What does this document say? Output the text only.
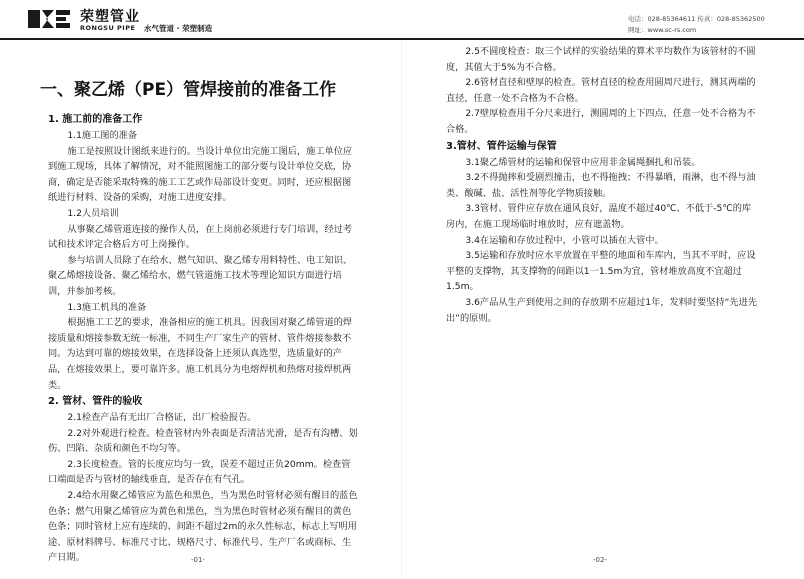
荣塑管业
RONGSU PIPE 水气管道 · 荣塑制造
电话：028-85364611 传真：028-85362500
网址：www.sc-rs.com
一、聚乙烯（PE）管焊接前的准备工作
1. 施工前的准备工作

1.1施工图的准备

施工是按照设计图纸来进行的。当设计单位出完施工图后，施工单位应到施工现场，具体了解情况，对不能照图施工的部分要与设计单位交底，协商，确定是否能采取特殊的施工工艺或作局部设计变更。同时，还应根据图纸进行材料、设备的采购，对施工进度安排。

1.2人员培训

从事聚乙烯管道连接的操作人员，在上岗前必须进行专门培训，经过考试和技术评定合格后方可上岗操作。

参与培训人员除了在给水、燃气知识、聚乙烯专用料特性、电工知识、聚乙烯熔接设备、聚乙烯给水、燃气管道施工技术等理论知识方面进行培训，并参加考核。

1.3施工机具的准备

根据施工工艺的要求，准备相应的施工机具。因我国对聚乙烯管道的焊接质量和熔接参数无统一标准，不同生产厂家生产的管材、管件熔接参数不同。为达到可靠的熔接效果，在选择设备上还须认真选型，选质量好的产品，在熔接效果上，要可靠许多。施工机具分为电熔焊机和热熔对接焊机两类。

2. 管材、管件的验收

2.1检查产品有无出厂合格证，出厂检验报告。

2.2对外观进行检查。检查管材内外表面是否清洁光滑，是否有沟槽、划伤、凹陷、杂质和颜色不均匀等。

2.3长度检查。管的长度应均匀一致，误差不超过正负20mm。检查管口端面是否与管材的轴线垂直，是否存在有气孔。

2.4给水用聚乙烯管应为蓝色和黑色，当为黑色时管材必须有醒目的蓝色色条；燃气用聚乙烯管应为黄色和黑色，当为黑色时管材必须有醒目的黄色色条；同时管材上应有连续的、间距不超过2m的永久性标志，标志上写明用途、原材料牌号、标准尺寸比、规格尺寸、标准代号、生产厂名或商标、生产日期。

2.5不圆度检查：取三个试样的实验结果的算术平均数作为该管材的不圆度，其值大于5%为不合格。

2.6管材直径和壁厚的检查。管材直径的检查用圆周尺进行，测其两端的直径，任意一处不合格为不合格。

2.7壁厚检查用千分尺来进行，测圆周的上下四点，任意一处不合格为不合格。

3.管材、管件运输与保管

3.1聚乙烯管材的运输和保管中应用非金属绳捆扎和吊装。

3.2不得抛摔和受剧烈撞击，也不得拖拽；不得暴晒，雨淋，也不得与油类、酸碱、盐、活性剂等化学物质接触。

3.3管材、管件应存放在通风良好，温度不超过40℃、不低于-5℃的库房内，在施工现场临时堆放时，应有遮盖物。

3.4在运输和存放过程中，小管可以插在大管中。

3.5运输和存放时应水平放置在平整的地面和车库内，当其不平时，应设平整的支撑物，其支撑物的间距以1一1.5m为宜，管材堆放高度不宜超过1.5m。

3.6产品从生产到使用之间的存放期不应超过1年，发料时要坚持“先进先出”的原则。

-01-	-02-
